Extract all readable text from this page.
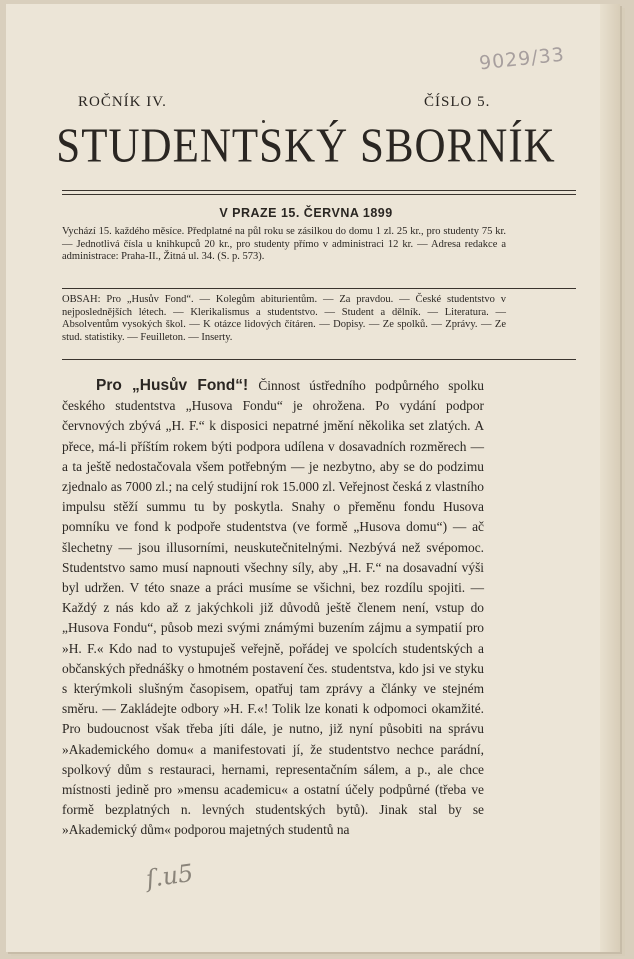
9029/33
ROČNÍK IV.	ČÍSLO 5.
STUDENTSKÝ SBORNÍK
V PRAZE 15. ČERVNA 1899
Vychází 15. každého měsíce. Předplatné na půl roku se zásilkou do domu 1 zl. 25 kr., pro studenty 75 kr. — Jednotlivá čísla u knihkupců 20 kr., pro studenty přímo v administraci 12 kr. — Adresa redakce a administrace: Praha-II., Žitná ul. 34. (S. p. 573).
OBSAH: Pro „Husův Fond“. — Kolegům abiturientům. — Za pravdou. — České studentstvo v nejposlednějších létech. — Klerikalismus a studentstvo. — Student a dělník. — Literatura. — Absolventům vysokých škol. — K otázce lidových čítáren. — Dopisy. — Ze spolků. — Zprávy. — Ze stud. statistiky. — Feuilleton. — Inserty.
Pro „Husův Fond“! Činnost ústředního podpůrného spolku českého studentstva „Husova Fondu“ je ohrožena. Po vydání podpor červnových zbývá „H. F.“ k disposici nepatrné jmění několika set zlatých. A přece, má-li příštím rokem býti podpora udílena v dosavadních rozměrech — a ta ještě nedostačovala všem potřebným — je nezbytno, aby se do podzimu zjednalo as 7000 zl.; na celý studijní rok 15.000 zl. Veřejnost česká z vlastního impulsu stěží summu tu by poskytla. Snahy o přeměnu fondu Husova pomníku ve fond k podpoře studentstva (ve formě „Husova domu“) — ač šlechetny — jsou illusorními, neuskutečnitelnými. Nezbývá než svépomoc. Studentstvo samo musí napnouti všechny síly, aby „H. F.“ na dosavadní výši byl udržen. V této snaze a práci musíme se všichni, bez rozdílu spojiti. — Každý z nás kdo až z jakýchkoli již důvodů ještě členem není, vstup do „Husova Fondu“, působ mezi svými známými buzením zájmu a sympatií pro »H. F.« Kdo nad to vystupuješ veřejně, pořádej ve spolcích studentských a občanských přednášky o hmotném postavení čes. studentstva, kdo jsi ve styku s kterýmkoli slušným časopisem, opatřuj tam zprávy a články ve stejném směru. — Zakládejte odbory »H. F.«! Tolik lze konati k odpomoci okamžité. Pro budoucnost však třeba jíti dále, je nutno, již nyní působiti na správu »Akademického domu« a manifestovati jí, že studentstvo nechce parádní, spolkový dům s restauraci, hernami, representačním sálem, a p., ale chce místnosti jedině pro »mensu academicu« a ostatní účely podpůrné (třeba ve formě bezplatných n. levných studentských bytů). Jinak stal by se »Akademický dům« podporou majetných studentů na
ſ.u5
